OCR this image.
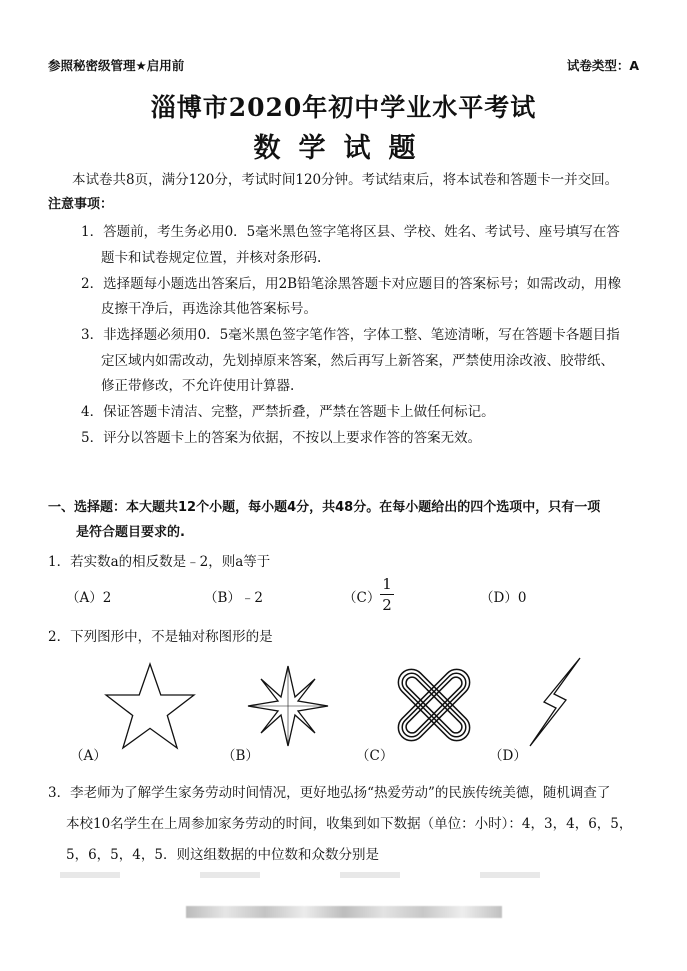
参照秘密级管理★启用前	试卷类型：A
淄博市2020年初中学业水平考试
数学试题
本试卷共8页，满分120分，考试时间120分钟。考试结束后，将本试卷和答题卡一并交回。
注意事项：
1．答题前，考生务必用0．5毫米黑色签字笔将区县、学校、姓名、考试号、座号填写在答
题卡和试卷规定位置，并核对条形码.
2．选择题每小题选出答案后，用2B铅笔涂黑答题卡对应题目的答案标号；如需改动，用橡
皮擦干净后，再选涂其他答案标号。
3．非选择题必须用0．5毫米黑色签字笔作答，字体工整、笔迹清晰，写在答题卡各题目指
定区域内如需改动，先划掉原来答案，然后再写上新答案，严禁使用涂改液、胶带纸、
修正带修改，不允许使用计算器.
4．保证答题卡清洁、完整，严禁折叠，严禁在答题卡上做任何标记。
5．评分以答题卡上的答案为依据，不按以上要求作答的答案无效。
一、选择题：本大题共12个小题，每小题4分，共48分。在每小题给出的四个选项中，只有一项
是符合题目要求的.
1．若实数a的相反数是﹣2，则a等于
（A）2	（B）﹣2	（C）
1
2	（D）0
2．下列图形中，不是轴对称图形的是
（A）	（B）	（C）	（D）
3．李老师为了解学生家务劳动时间情况，更好地弘扬“热爱劳动”的民族传统美德，随机调查了
本校10名学生在上周参加家务劳动的时间，收集到如下数据（单位：小时）：4，3，4，6，5，
5，6，5，4，5．则这组数据的中位数和众数分别是
